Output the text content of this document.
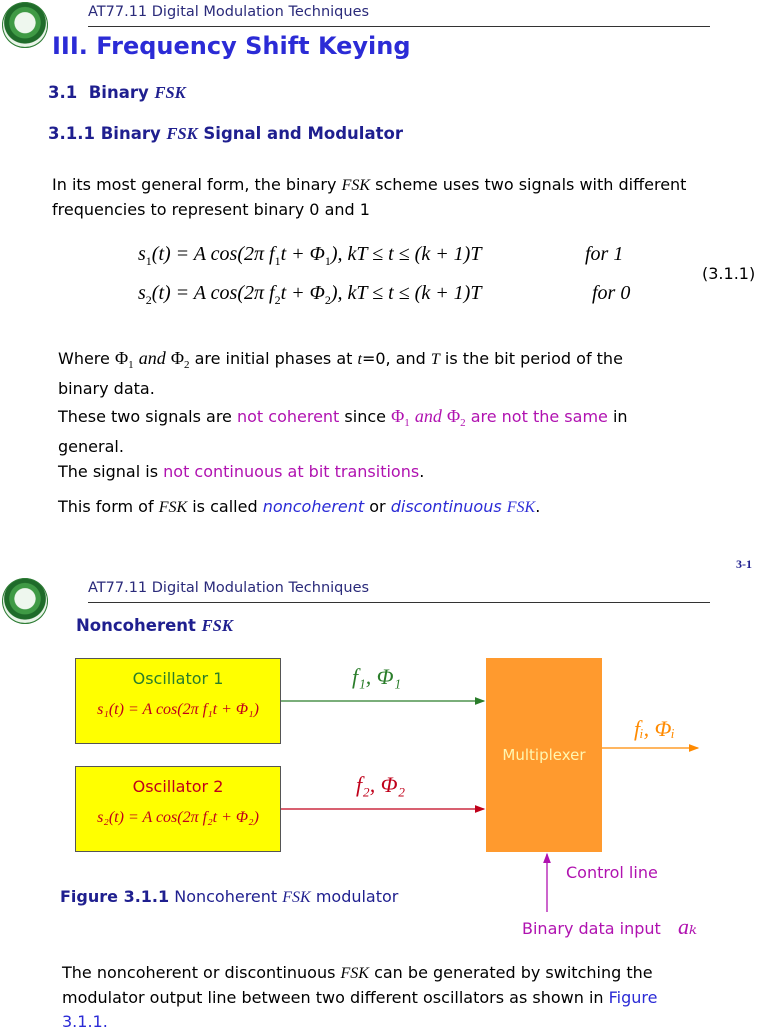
AT77.11 Digital Modulation Techniques
III. Frequency Shift Keying
3.1 Binary FSK
3.1.1 Binary FSK Signal and Modulator
In its most general form, the binary FSK scheme uses two signals with different
frequencies to represent binary 0 and 1
$s_1(t) = A$ cos(2π $f_1t + \Phi_1$), kT ≤ t ≤ (k + 1)T	for 1
$s_2(t) = A$ cos(2π $f_2t + \Phi_2$), kT ≤ t ≤ (k + 1)T	for 0
(3.1.1)
Where $\Phi_1$ and $\Phi_2$ are initial phases at t=0, and T is the bit period of the
binary data.
These two signals are not coherent since $\Phi_1$ and $\Phi_2$ are not the same in
general.
The signal is not continuous at bit transitions.
This form of FSK is called noncoherent or discontinuous FSK.
3-1
AT77.11 Digital Modulation Techniques
Noncoherent FSK
Oscillator 1
s₁(t) = A cos(2π f₁t + Φ₁)
Oscillator 2
s₂(t) = A cos(2π f₂t + Φ₂)
Multiplexer
f₁, Φ₁
f₂, Φ₂
fᵢ, Φᵢ
Control line
Binary data input aₖ
Figure 3.1.1 Noncoherent FSK modulator
The noncoherent or discontinuous FSK can be generated by switching the
modulator output line between two different oscillators as shown in Figure
3.1.1.
